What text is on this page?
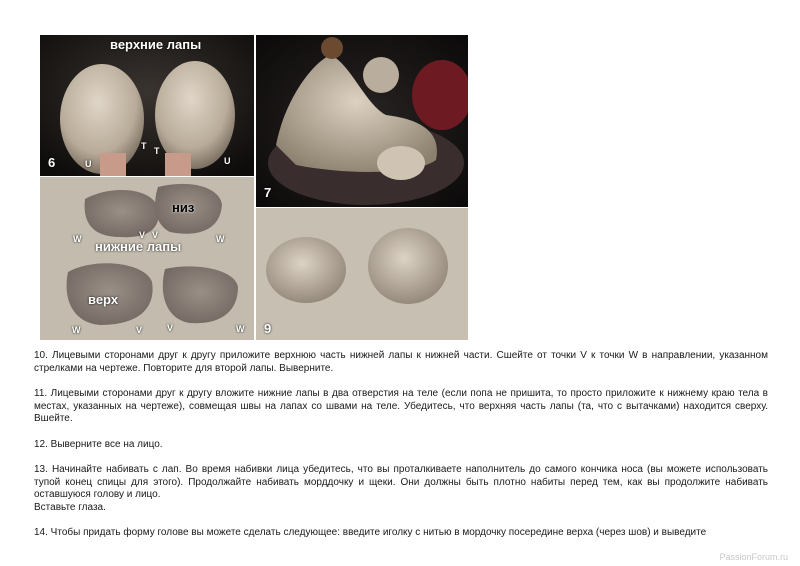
верхние лапы
6	U
T T
U
7
низ
нижние лапы
верх
W	V V	W
W	V	V	W 9

10. Лицевыми сторонами друг к другу приложите верхнюю часть нижней лапы к нижней части. Сшейте от точки V к точки W в направлении, указанном стрелками на чертеже. Повторите для второй лапы. Выверните.

11. Лицевыми сторонами друг к другу вложите нижние лапы в два отверстия на теле (если попа не пришита, то просто приложите к нижнему краю тела в местах, указанных на чертеже), совмещая швы на лапах со швами на теле. Убедитесь, что верхняя часть лапы (та, что с вытачками) находится сверху. Вшейте.

12. Выверните все на лицо.

13. Начинайте набивать с лап. Во время набивки лица убедитесь, что вы проталкиваете наполнитель до самого кончика носа (вы можете использовать тупой конец спицы для этого). Продолжайте набивать морддочку и щеки. Они должны быть плотно набиты перед тем, как вы продолжите набивать оставшуюся голову и лицо.

Вставьте глаза.

14. Чтобы придать форму голове вы можете сделать следующее: введите иголку с нитью в мордочку посередине верха (через шов) и выведите

PassionForum.ru
